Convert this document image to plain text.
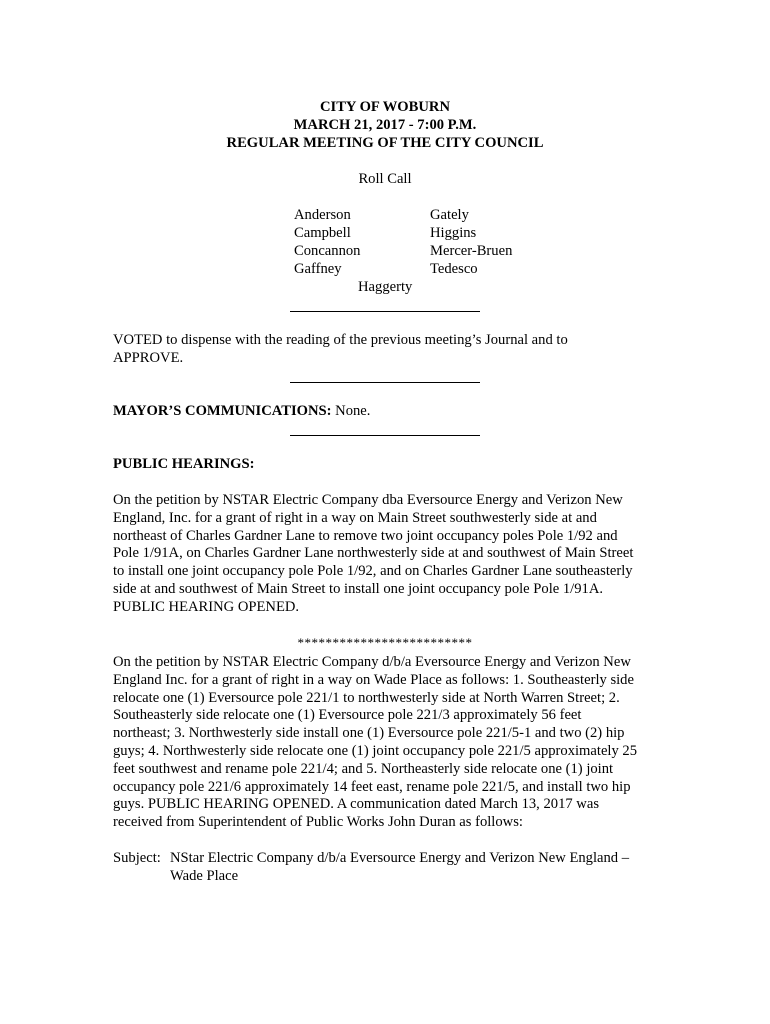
CITY OF WOBURN
MARCH 21, 2017 - 7:00 P.M.
REGULAR MEETING OF THE CITY COUNCIL
Roll Call
Anderson
Campbell
Concannon
Gaffney
Gately
Higgins
Mercer-Bruen
Tedesco
Haggerty
VOTED to dispense with the reading of the previous meeting’s Journal and to
APPROVE.
MAYOR’S COMMUNICATIONS: None.
PUBLIC HEARINGS:
On the petition by NSTAR Electric Company dba Eversource Energy and Verizon New
England, Inc. for a grant of right in a way on Main Street southwesterly side at and
northeast of Charles Gardner Lane to remove two joint occupancy poles Pole 1/92 and
Pole 1/91A, on Charles Gardner Lane northwesterly side at and southwest of Main Street
to install one joint occupancy pole Pole 1/92, and on Charles Gardner Lane southeasterly
side at and southwest of Main Street to install one joint occupancy pole Pole 1/91A.
PUBLIC HEARING OPENED.
*************************
On the petition by NSTAR Electric Company d/b/a Eversource Energy and Verizon New
England Inc. for a grant of right in a way on Wade Place as follows: 1. Southeasterly side
relocate one (1) Eversource pole 221/1 to northwesterly side at North Warren Street; 2.
Southeasterly side relocate one (1) Eversource pole 221/3 approximately 56 feet
northeast; 3. Northwesterly side install one (1) Eversource pole 221/5-1 and two (2) hip
guys; 4. Northwesterly side relocate one (1) joint occupancy pole 221/5 approximately 25
feet southwest and rename pole 221/4; and 5. Northeasterly side relocate one (1) joint
occupancy pole 221/6 approximately 14 feet east, rename pole 221/5, and install two hip
guys. PUBLIC HEARING OPENED. A communication dated March 13, 2017 was
received from Superintendent of Public Works John Duran as follows:
Subject: NStar Electric Company d/b/a Eversource Energy and Verizon New England –
Wade Place
